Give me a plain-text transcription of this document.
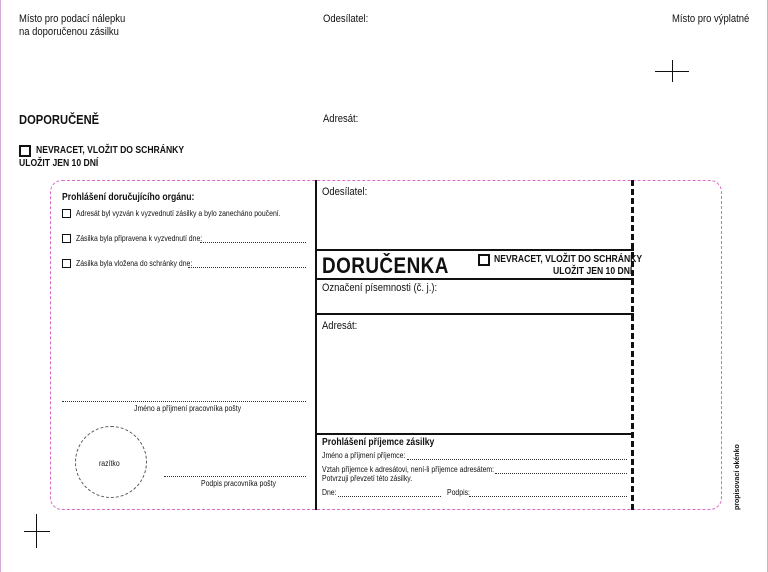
Místo pro podací nálepku
na doporučenou zásilku
Odesílatel:	Místo pro výplatné
DOPORUČENĚ	Adresát:
NEVRACET, VLOŽIT DO SCHRÁNKY
ULOŽIT JEN 10 DNÍ
Prohlášení doručujícího orgánu:
Adresát byl vyzván k vyzvednutí zásilky a bylo zanecháno poučení.
Zásilka byla připravena k vyzvednutí dne:
Zásilka byla vložena do schránky dne:
Jméno a příjmení pracovníka pošty
razítko
Podpis pracovníka pošty
Odesílatel:
DORUČENKA	NEVRACET, VLOŽIT DO SCHRÁNKY
ULOŽIT JEN 10 DNÍ
Označení písemnosti (č. j.):
Adresát:
Prohlášení příjemce zásilky
Jméno a příjmení příjemce:
Vztah příjemce k adresátovi, není-li příjemce adresátem:
Potvrzuji převzetí této zásilky.
Dne:	Podpis:	propisovací okénko
